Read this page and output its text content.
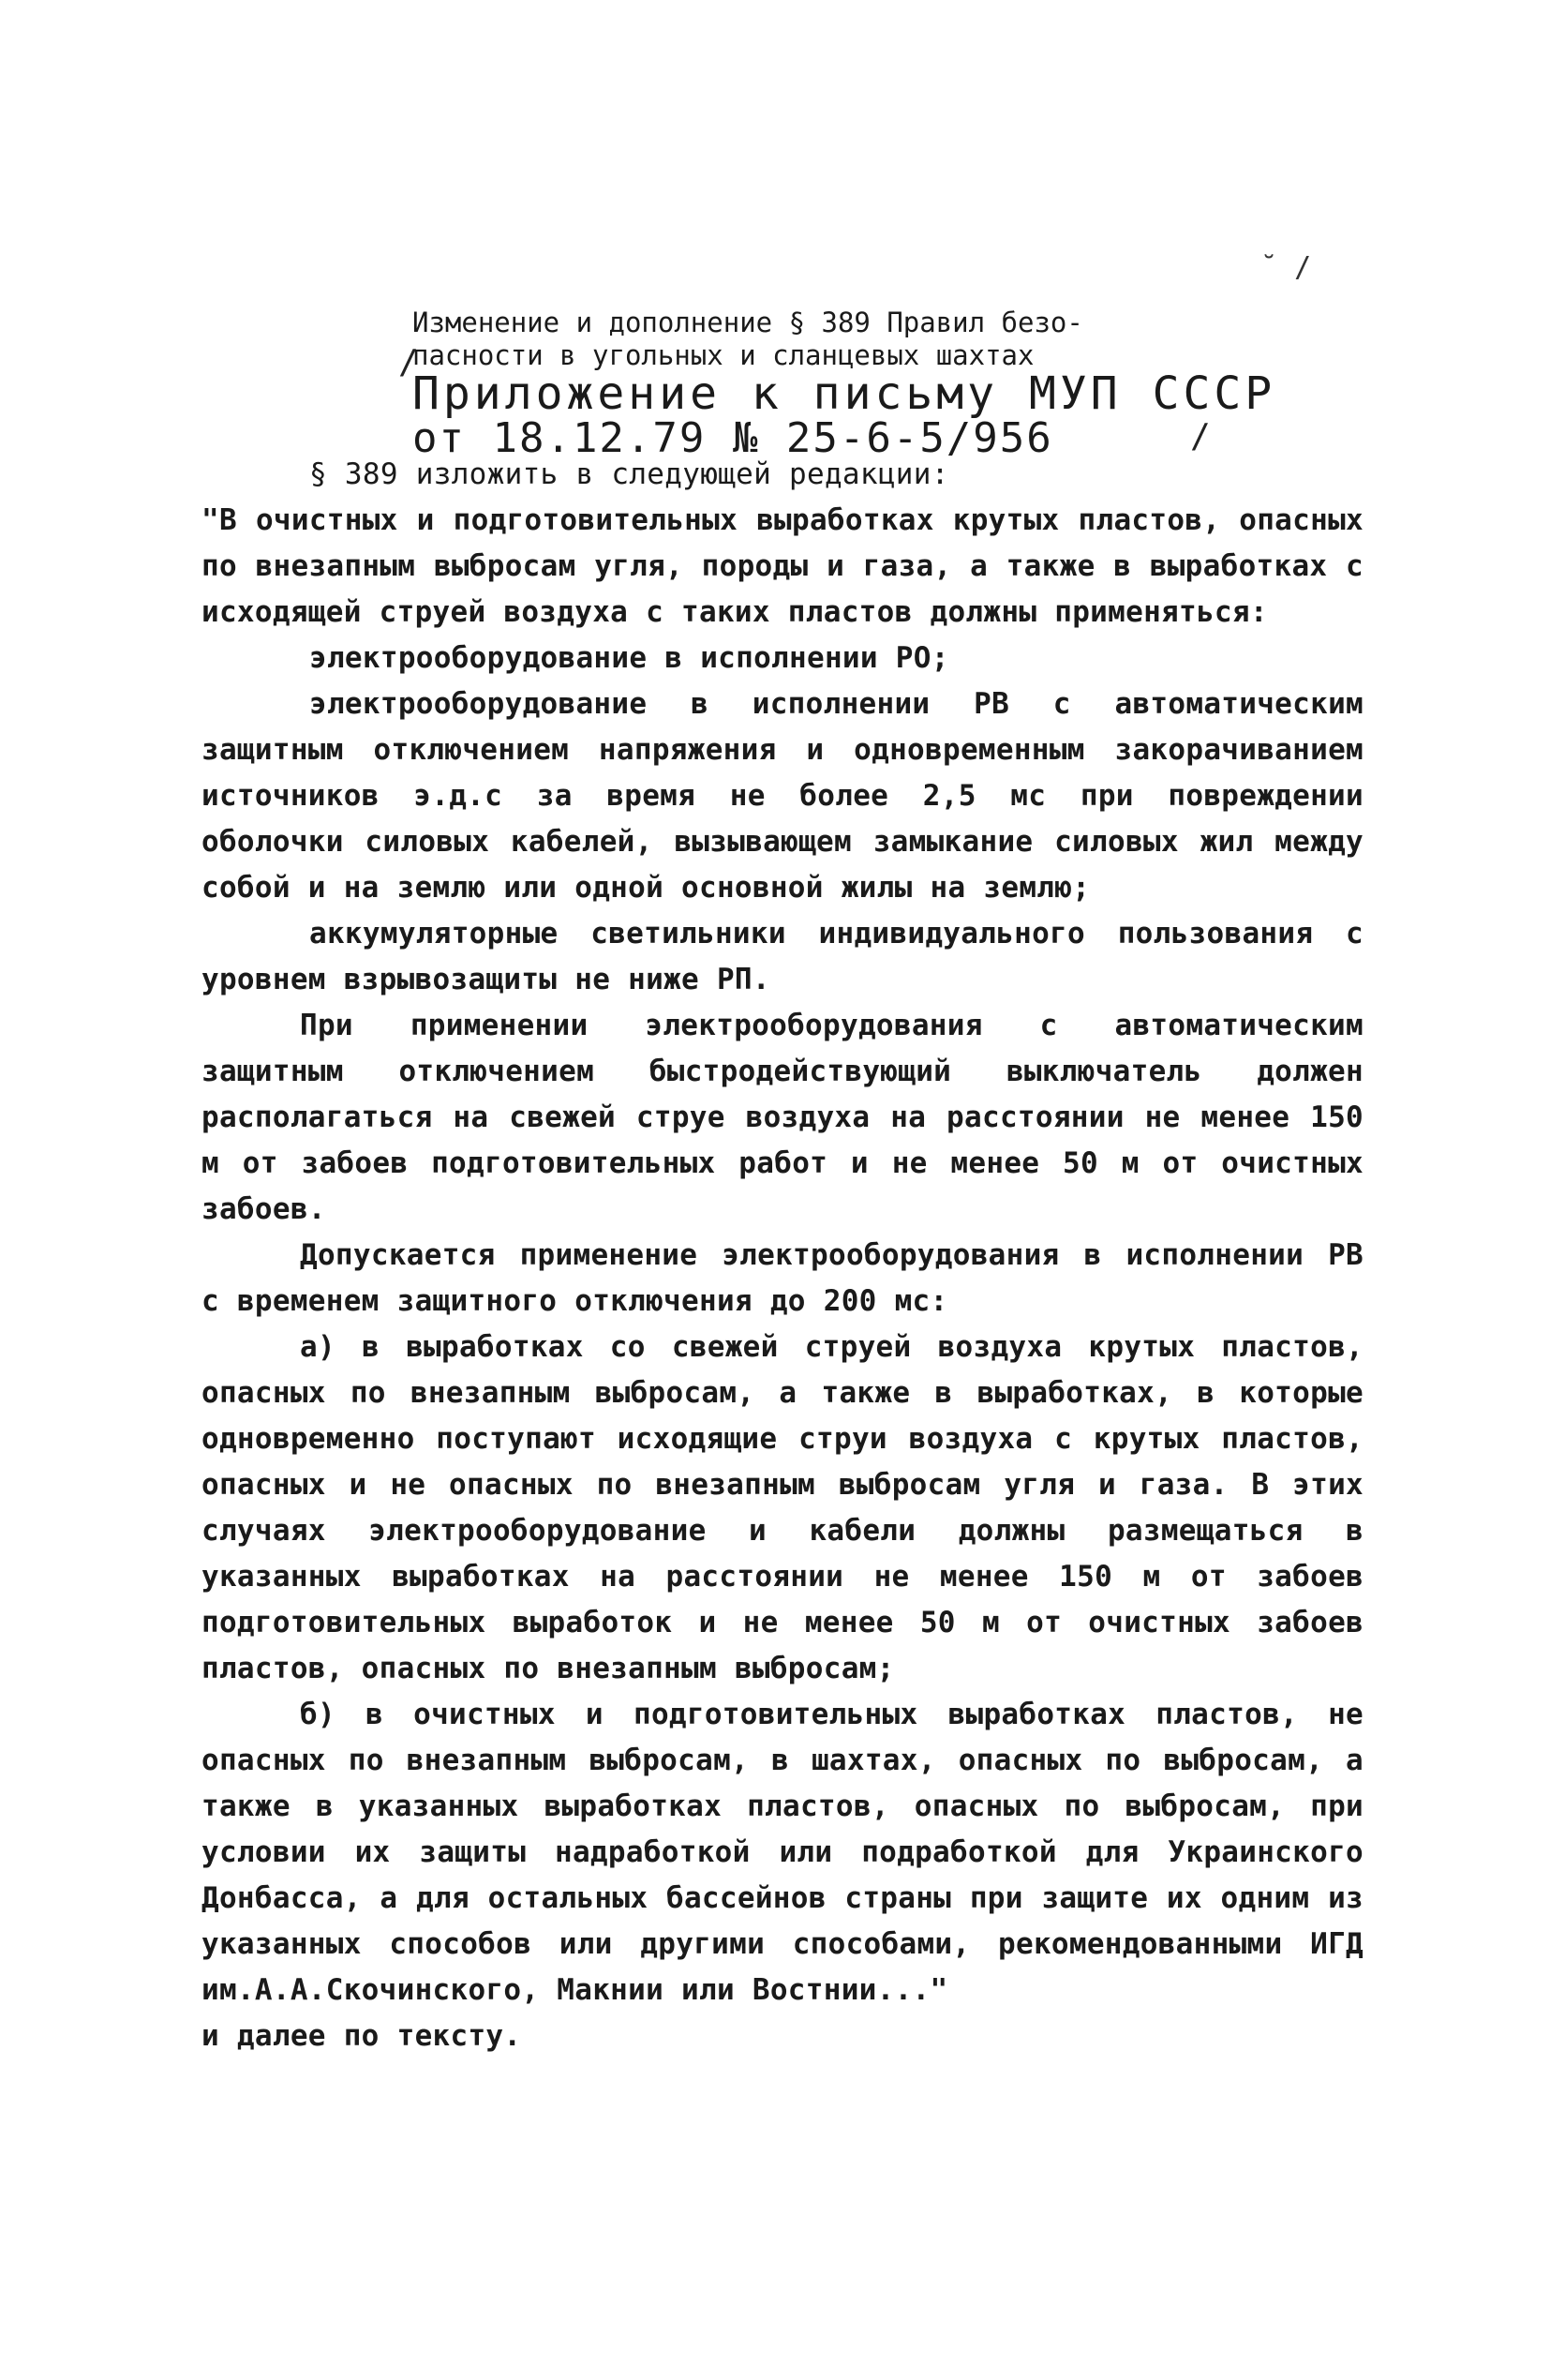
˘ /
Изменение и дополнение § 389 Правил безо-
пасности в угольных и сланцевых шахтах
Приложение к письму МУП СССР
от 18.12.79 № 25-6-5/956
/
/

§ 389 изложить в следующей редакции:

"В очистных и подготовительных выработках крутых пластов, опасных по внезапным выбросам угля, породы и газа, а также в выработках с исходящей струей воздуха с таких пластов должны применяться:

электрооборудование в исполнении РО;

электрооборудование в исполнении РВ с автоматическим защитным отключением напряжения и одновременным закорачиванием источников э.д.с за время не более 2,5 мс при повреждении оболочки силовых кабелей, вызывающем замыкание силовых жил между собой и на землю или одной основной жилы на землю;

аккумуляторные светильники индивидуального пользования с уровнем взрывозащиты не ниже РП.

При применении электрооборудования с автоматическим защитным отключением быстродействующий выключатель должен располагаться на свежей струе воздуха на расстоянии не менее 150 м от забоев подготовительных работ и не менее 50 м от очистных забоев.

Допускается применение электрооборудования в исполнении РВ с временем защитного отключения до 200 мс:

а) в выработках со свежей струей воздуха крутых пластов, опасных по внезапным выбросам, а также в выработках, в которые одновременно поступают исходящие струи воздуха с крутых пластов, опасных и не опасных по внезапным выбросам угля и газа. В этих случаях электрооборудование и кабели должны размещаться в указанных выработках на расстоянии не менее 150 м от забоев подготовительных выработок и не менее 50 м от очистных забоев пластов, опасных по внезапным выбросам;

б) в очистных и подготовительных выработках пластов, не опасных по внезапным выбросам, в шахтах, опасных по выбросам, а также в указанных выработках пластов, опасных по выбросам, при условии их защиты надработкой или подработкой для Украинского Донбасса, а для остальных бассейнов страны при защите их одним из указанных способов или другими способами, рекомендованными ИГД им.А.А.Скочинского, Макнии или Востнии..."

и далее по тексту.
